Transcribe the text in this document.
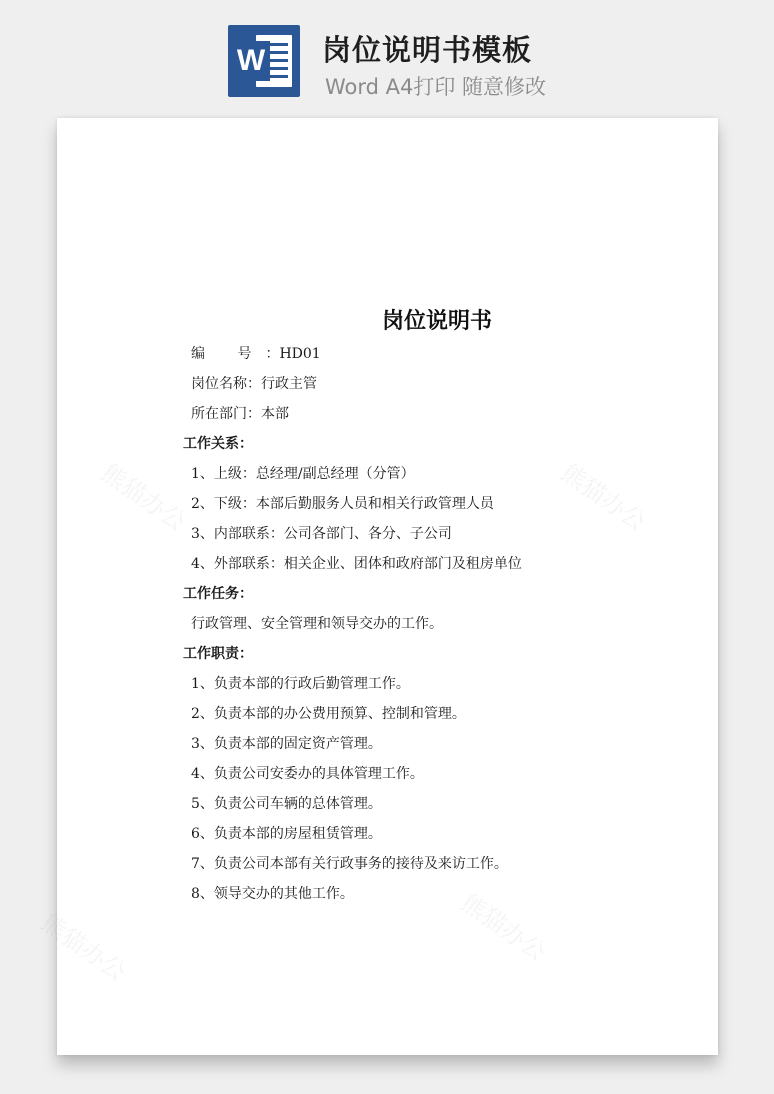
W 岗位说明书模板
Word A4打印 随意修改
熊猫办公	熊猫办公
熊猫办公	熊猫办公
岗位说明书
编 号：HD01
岗位名称：行政主管
所在部门：本部
工作关系：
1、上级：总经理/副总经理（分管）
2、下级：本部后勤服务人员和相关行政管理人员
3、内部联系：公司各部门、各分、子公司
4、外部联系：相关企业、团体和政府部门及租房单位
工作任务：
行政管理、安全管理和领导交办的工作。
工作职责：
1、负责本部的行政后勤管理工作。
2、负责本部的办公费用预算、控制和管理。
3、负责本部的固定资产管理。
4、负责公司安委办的具体管理工作。
5、负责公司车辆的总体管理。
6、负责本部的房屋租赁管理。
7、负责公司本部有关行政事务的接待及来访工作。
8、领导交办的其他工作。
